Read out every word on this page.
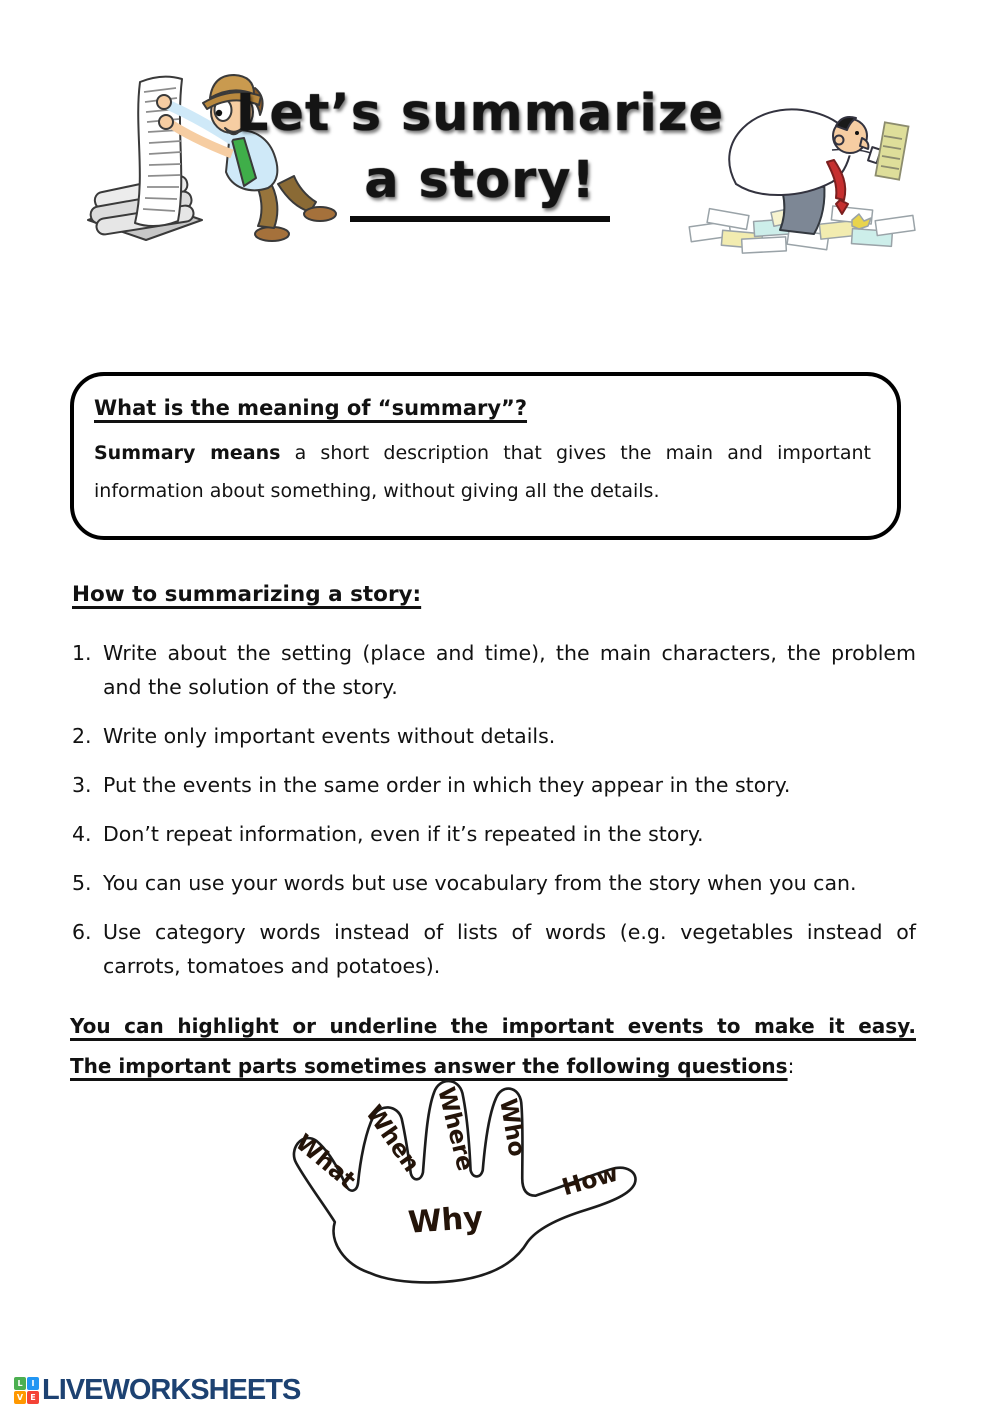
Let’s summarize
a story!
What is the meaning of “summary”?

Summary means a short description that gives the main and important information about something, without giving all the details.

How to summarizing a story:
1. Write about the setting (place and time), the main characters, the problem and the solution of the story.
2. Write only important events without details.
3. Put the events in the same order in which they appear in the story.
4. Don’t repeat information, even if it’s repeated in the story.
5. You can use your words but use vocabulary from the story when you can.
6. Use category words instead of lists of words (e.g. vegetables instead of carrots, tomatoes and potatoes).
You can highlight or underline the important events to make it easy.
The important parts sometimes answer the following questions:
What When Where Who
How
Why
L	I
V E LIVEWORKSHEETS
